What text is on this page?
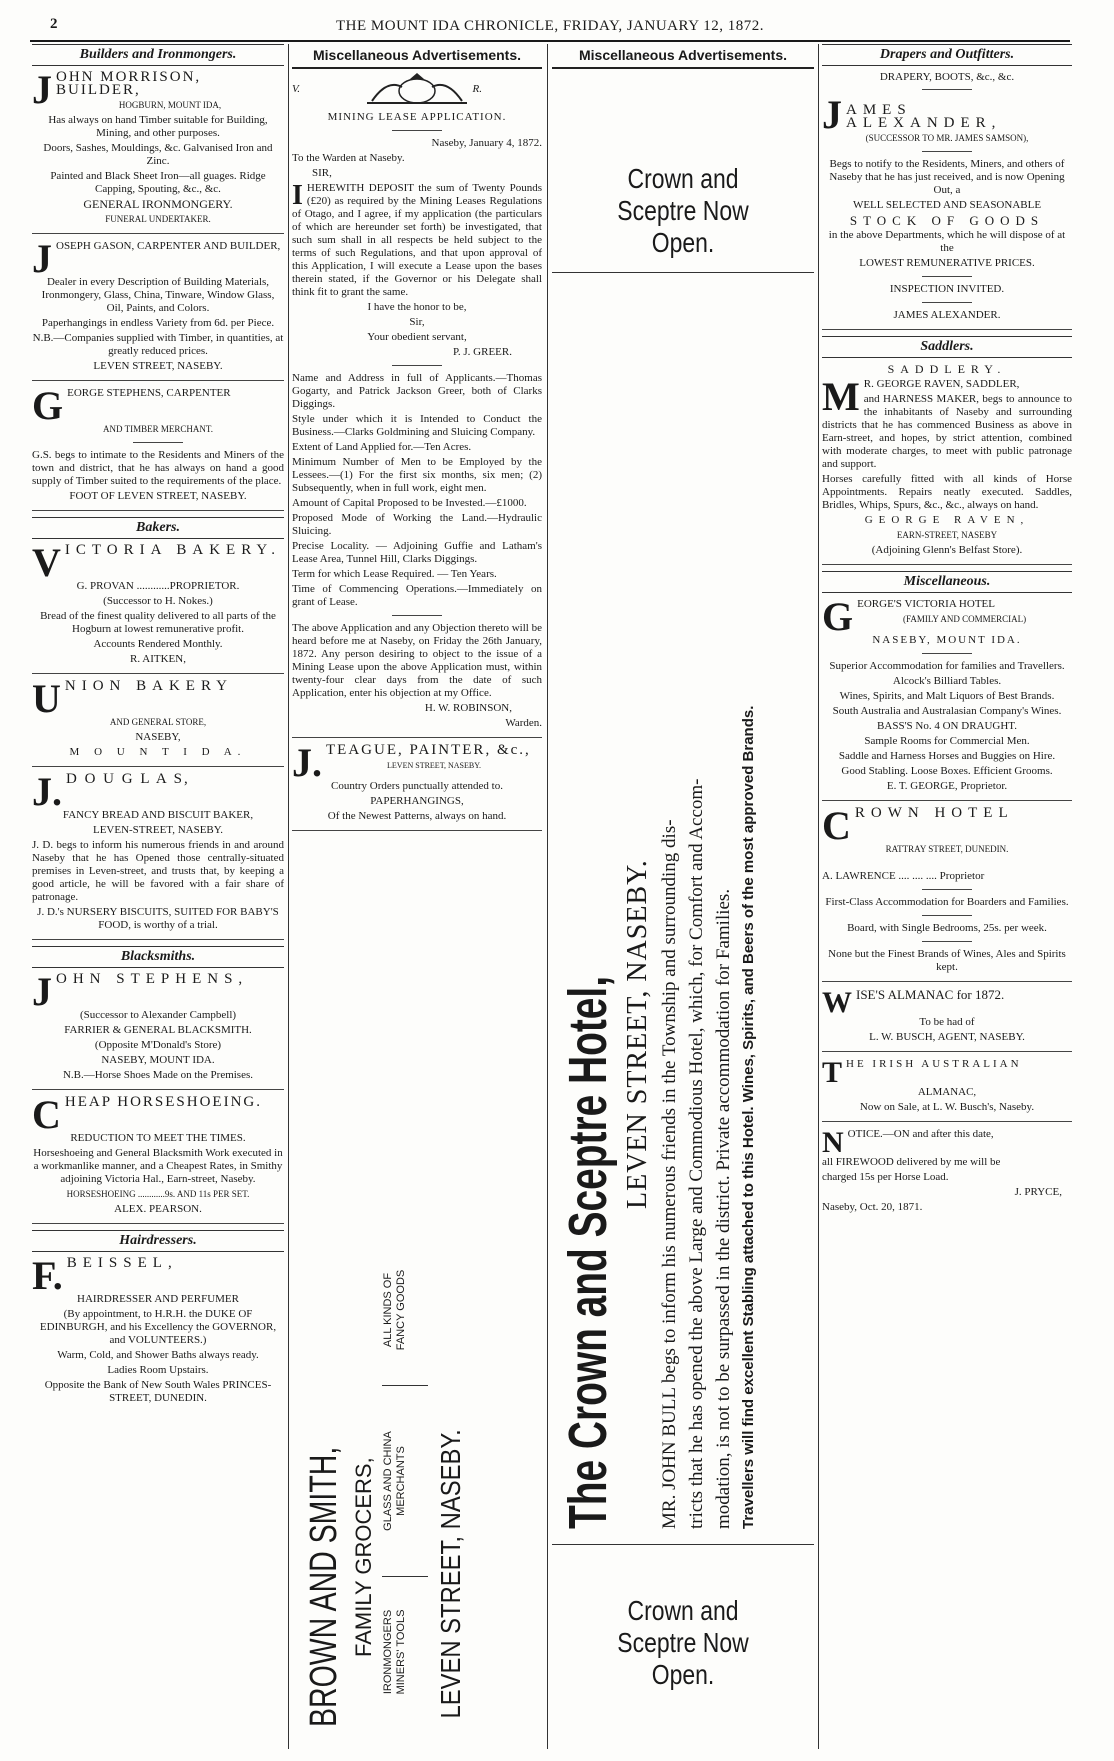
2	THE MOUNT IDA CHRONICLE, FRIDAY, JANUARY 12, 1872.
Builders and Ironmongers.
J OHN MORRISON, BUILDER,

HOGBURN, MOUNT IDA,

Has always on hand Timber suitable for Building, Mining, and other purposes.

Doors, Sashes, Mouldings, &c. Galvanised Iron and Zinc.

Painted and Black Sheet Iron—all guages. Ridge Capping, Spouting, &c., &c.

GENERAL IRONMONGERY.

FUNERAL UNDERTAKER.

J OSEPH GASON, CARPENTER AND BUILDER,

Dealer in every Description of Building Materials, Ironmongery, Glass, China, Tinware, Window Glass, Oil, Paints, and Colors.

Paperhangings in endless Variety from 6d. per Piece.

N.B.—Companies supplied with Timber, in quantities, at greatly reduced prices.

LEVEN STREET, NASEBY.

G EORGE STEPHENS, CARPENTER

AND TIMBER MERCHANT.

G.S. begs to intimate to the Residents and Miners of the town and district, that he has always on hand a good supply of Timber suited to the requirements of the place.

FOOT OF LEVEN STREET, NASEBY.

Bakers.
V ICTORIA BAKERY.

G. PROVAN ............PROPRIETOR.

(Successor to H. Nokes.)

Bread of the finest quality delivered to all parts of the Hogburn at lowest remunerative profit.

Accounts Rendered Monthly.

R. AITKEN,

U NION BAKERY

AND GENERAL STORE,

NASEBY,

M O U N T I D A.

J. D O U G L A S,

FANCY BREAD AND BISCUIT BAKER,

LEVEN-STREET, NASEBY.

J. D. begs to inform his numerous friends in and around Naseby that he has Opened those centrally-situated premises in Leven-street, and trusts that, by keeping a good article, he will be favored with a fair share of patronage.

J. D.'s NURSERY BISCUITS, SUITED FOR BABY'S FOOD, is worthy of a trial.

Blacksmiths.
J OHN STEPHENS,

(Successor to Alexander Campbell)

FARRIER & GENERAL BLACKSMITH.

(Opposite M'Donald's Store)

NASEBY, MOUNT IDA.

N.B.—Horse Shoes Made on the Premises.

C HEAP HORSESHOEING.

REDUCTION TO MEET THE TIMES.

Horseshoeing and General Blacksmith Work executed in a workmanlike manner, and a Cheapest Rates, in Smithy adjoining Victoria Hal., Earn-street, Naseby.

HORSESHOEING ............9s. AND 11s PER SET.

ALEX. PEARSON.

Hairdressers.
F. BEISSEL,

HAIRDRESSER AND PERFUMER

(By appointment, to H.R.H. the DUKE OF EDINBURGH, and his Excellency the GOVERNOR, and VOLUNTEERS.)

Warm, Cold, and Shower Baths always ready.

Ladies Room Upstairs.

Opposite the Bank of New South Wales PRINCES-STREET, DUNEDIN.

Miscellaneous Advertisements.
V.	R.

MINING LEASE APPLICATION.

Naseby, January 4, 1872.

To the Warden at Naseby.

SIR,

IHEREWITH DEPOSIT the sum of Twenty Pounds (£20) as required by the Mining Leases Regulations of Otago, and I agree, if my application (the particulars of which are hereunder set forth) be investigated, that such sum shall in all respects be held subject to the terms of such Regulations, and that upon approval of this Application, I will execute a Lease upon the bases therein stated, if the Governor or his Delegate shall think fit to grant the same.

I have the honor to be,

Sir,

Your obedient servant,

P. J. GREER.

Name and Address in full of Applicants.—Thomas Gogarty, and Patrick Jackson Greer, both of Clarks Diggings.

Style under which it is Intended to Conduct the Business.—Clarks Goldmining and Sluicing Company.

Extent of Land Applied for.—Ten Acres.

Minimum Number of Men to be Employed by the Lessees.—(1) For the first six months, six men; (2) Subsequently, when in full work, eight men.

Amount of Capital Proposed to be Invested.—£1000.

Proposed Mode of Working the Land.—Hydraulic Sluicing.

Precise Locality. — Adjoining Guffie and Latham's Lease Area, Tunnel Hill, Clarks Diggings.

Term for which Lease Required. — Ten Years.

Time of Commencing Operations.—Immediately on grant of Lease.

The above Application and any Objection thereto will be heard before me at Naseby, on Friday the 26th January, 1872. Any person desiring to object to the issue of a Mining Lease upon the above Application must, within twenty-four clear days from the date of such Application, enter his objection at my Office.

H. W. ROBINSON,

Warden.

J. TEAGUE, PAINTER, &c.,

LEVEN STREET, NASEBY.

Country Orders punctually attended to.

PAPERHANGINGS,

Of the Newest Patterns, always on hand.

BROWN AND SMITH, FAMILY GROCERS, IRONMONGERS MINERS' TOOLS
GLASS AND CHINA MERCHANTS
ALL KINDS OF FANCY GOODS
LEVEN STREET, NASEBY.
Miscellaneous Advertisements.
Crown and Sceptre Now Open.
The Crown and Sceptre Hotel, LEVEN STREET, NASEBY. MR. JOHN BULL begs to inform his numerous friends in the Township and surrounding dis- tricts that he has opened the above Large and Commodious Hotel, which, for Comfort and Accom- modation, is not to be surpassed in the district. Private accommodation for Families. Travellers will find excellent Stabling attached to this Hotel. Wines, Spirits, and Beers of the most approved Brands.
Crown and Sceptre Now Open.
Drapers and Outfitters.

DRAPERY, BOOTS, &c., &c.

J AMES ALEXANDER,

(SUCCESSOR TO MR. JAMES SAMSON),

Begs to notify to the Residents, Miners, and others of Naseby that he has just received, and is now Opening Out, a

WELL SELECTED AND SEASONABLE

STOCK OF GOODS

in the above Departments, which he will dispose of at the

LOWEST REMUNERATIVE PRICES.

INSPECTION INVITED.

JAMES ALEXANDER.

Saddlers.

SADDLERY.

M R. GEORGE RAVEN, SADDLER,

and HARNESS MAKER, begs to announce to the inhabitants of Naseby and surrounding districts that he has commenced Business as above in Earn-street, and hopes, by strict attention, combined with moderate charges, to meet with public patronage and support.

Horses carefully fitted with all kinds of Horse Appointments. Repairs neatly executed. Saddles, Bridles, Whips, Spurs, &c., &c., always on hand.

GEORGE RAVEN,

EARN-STREET, NASEBY

(Adjoining Glenn's Belfast Store).

Miscellaneous.
G EORGE'S VICTORIA HOTEL

(FAMILY AND COMMERCIAL)

NASEBY, MOUNT IDA.

Superior Accommodation for families and Travellers.

Alcock's Billiard Tables.

Wines, Spirits, and Malt Liquors of Best Brands.

South Australia and Australasian Company's Wines.

BASS'S No. 4 ON DRAUGHT.

Sample Rooms for Commercial Men.

Saddle and Harness Horses and Buggies on Hire.

Good Stabling. Loose Boxes. Efficient Grooms.

E. T. GEORGE, Proprietor.

C ROWN HOTEL

RATTRAY STREET, DUNEDIN.

A. LAWRENCE .... .... .... Proprietor

First-Class Accommodation for Boarders and Families.

Board, with Single Bedrooms, 25s. per week.

None but the Finest Brands of Wines, Ales and Spirits kept.

W ISE'S ALMANAC for 1872.

To be had of

L. W. BUSCH, AGENT, NASEBY.

T HE IRISH AUSTRALIAN

ALMANAC,

Now on Sale, at L. W. Busch's, Naseby.

N OTICE.—ON and after this date,

all FIREWOOD delivered by me will be

charged 15s per Horse Load.

J. PRYCE,

Naseby, Oct. 20, 1871.
